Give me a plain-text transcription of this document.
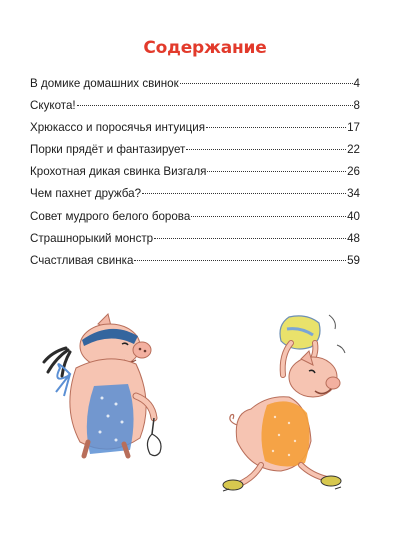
Содержание
В домике домашних свинок	4
Скукота!	8
Хрюкассо и поросячья интуиция	17
Порки прядёт и фантазирует	22
Крохотная дикая свинка Визгаля	26
Чем пахнет дружба?	34
Совет мудрого белого борова	40
Страшнорыкий монстр	48
Счастливая свинка	59
